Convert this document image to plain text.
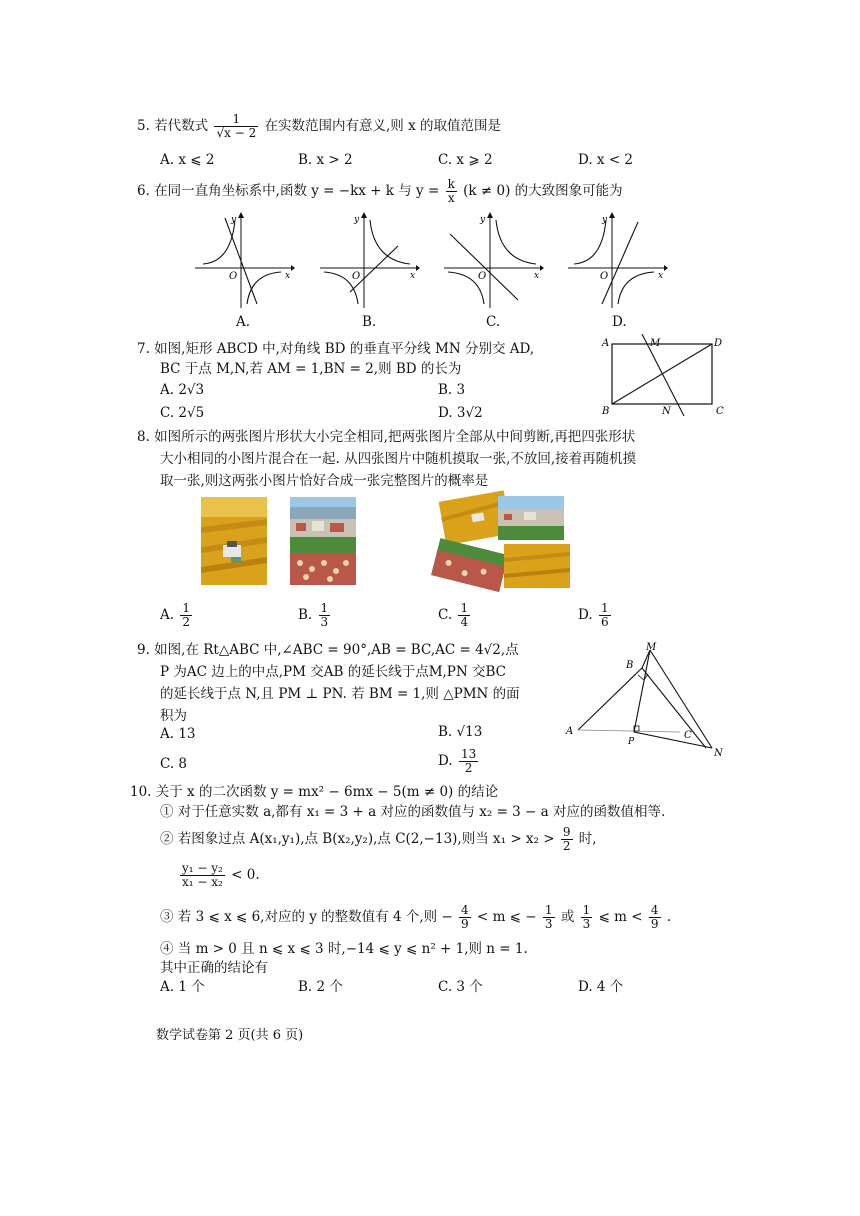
5. 若代数式 $\frac{1}{√x - 2}$ 在实数范围内有意义,则 x 的取值范围是
A. x ⩽ 2	B. x > 2	C. x ⩾ 2	D. x < 2
6. 在同一直角坐标系中,函数 y = −kx + k 与 $y = \frac{k}{x} (k \ne 0)$ 的大致图象可能为
y
x
O
y
x
O
y
x
O
y
x
O
A.	B.	C.	D.
7. 如图,矩形 ABCD 中,对角线 BD 的垂直平分线 MN 分别交 AD,
BC 于点 M,N,若 AM = 1,BN = 2,则 BD 的长为
A. 2√3	B. 3
C. 2√5	D. 3√2
A	M	D
B	N	C
8. 如图所示的两张图片形状大小完全相同,把两张图片全部从中间剪断,再把四张形状
大小相同的小图片混合在一起. 从四张图片中随机摸取一张,不放回,接着再随机摸
取一张,则这两张小图片恰好合成一张完整图片的概率是
A. $\frac{1}{2}$	B. $\frac{1}{3}$	C. $\frac{1}{4}$	D. $\frac{1}{6}$
9. 如图,在 Rt△ABC 中,∠ABC = 90°,AB = BC,AC = 4√2,点
P 为AC 边上的中点,PM 交AB 的延长线于点M,PN 交BC
的延长线于点 N,且 PM ⊥ PN. 若 BM = 1,则 △PMN 的面
积为
A. 13	B. √13
C. 8	D. $\frac{13}{2}$
M
B
A
P
C
N
10. 关于 x 的二次函数 y = mx² − 6mx − 5(m ≠ 0) 的结论
① 对于任意实数 a,都有 x₁ = 3 + a 对应的函数值与 x₂ = 3 − a 对应的函数值相等.
② 若图象过点 A(x₁,y₁),点 B(x₂,y₂),点 C(2,−13),则当 $x_1 > x_2 > \frac{9}{2}$ 时,
$\frac{\text{y₁ − y₂}}{\text{x₁ − x₂}} < 0$.
③ 若 3 ⩽ x ⩽ 6,对应的 y 的整数值有 4 个,则 − $\frac{4}{9} < m$ ⩽ − $\frac{1}{3}$ 或 $\frac{1}{3}$ ⩽ $m < \frac{4}{9}$ .
④ 当 m > 0 且 n ⩽ x ⩽ 3 时,−14 ⩽ y ⩽ n² + 1,则 n = 1.
其中正确的结论有
A. 1 个	B. 2 个	C. 3 个	D. 4 个
数学试卷第 2 页(共 6 页)
